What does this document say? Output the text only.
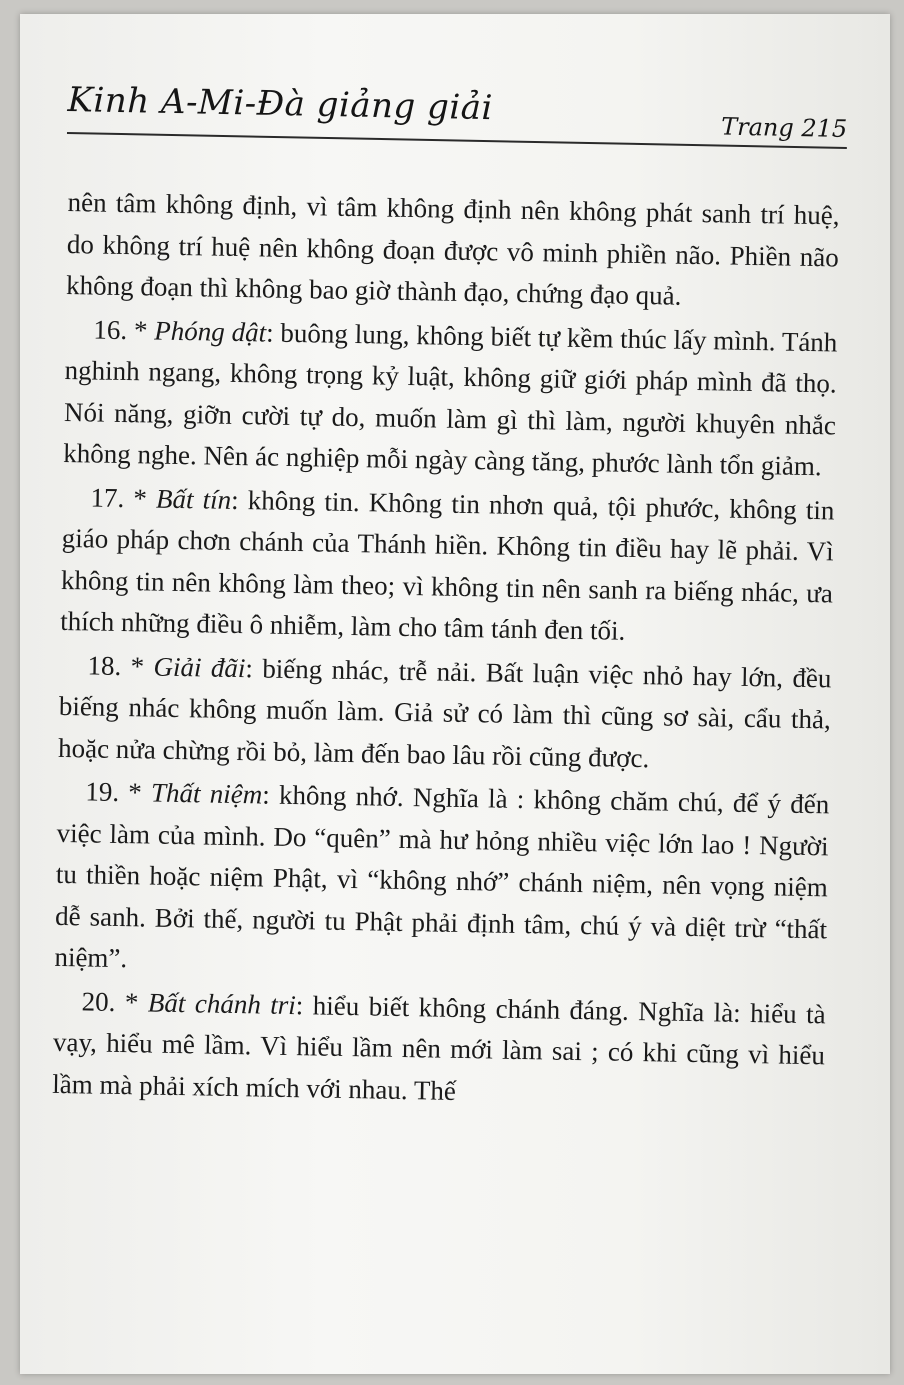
Kinh A-Mi-Đà giảng giải	Trang 215

nên tâm không định, vì tâm không định nên không phát sanh trí huệ, do không trí huệ nên không đoạn được vô minh phiền não. Phiền não không đoạn thì không bao giờ thành đạo, chứng đạo quả.

16. * Phóng dật: buông lung, không biết tự kềm thúc lấy mình. Tánh nghinh ngang, không trọng kỷ luật, không giữ giới pháp mình đã thọ. Nói năng, giỡn cười tự do, muốn làm gì thì làm, người khuyên nhắc không nghe. Nên ác nghiệp mỗi ngày càng tăng, phước lành tổn giảm.

17. * Bất tín: không tin. Không tin nhơn quả, tội phước, không tin giáo pháp chơn chánh của Thánh hiền. Không tin điều hay lẽ phải. Vì không tin nên không làm theo; vì không tin nên sanh ra biếng nhác, ưa thích những điều ô nhiễm, làm cho tâm tánh đen tối.

18. * Giải đãi: biếng nhác, trễ nải. Bất luận việc nhỏ hay lớn, đều biếng nhác không muốn làm. Giả sử có làm thì cũng sơ sài, cẩu thả, hoặc nửa chừng rồi bỏ, làm đến bao lâu rồi cũng được.

19. * Thất niệm: không nhớ. Nghĩa là : không chăm chú, để ý đến việc làm của mình. Do “quên” mà hư hỏng nhiều việc lớn lao ! Người tu thiền hoặc niệm Phật, vì “không nhớ” chánh niệm, nên vọng niệm dễ sanh. Bởi thế, người tu Phật phải định tâm, chú ý và diệt trừ “thất niệm”.

20. * Bất chánh tri: hiểu biết không chánh đáng. Nghĩa là: hiểu tà vạy, hiểu mê lầm. Vì hiểu lầm nên mới làm sai ; có khi cũng vì hiểu lầm mà phải xích mích với nhau. Thế
